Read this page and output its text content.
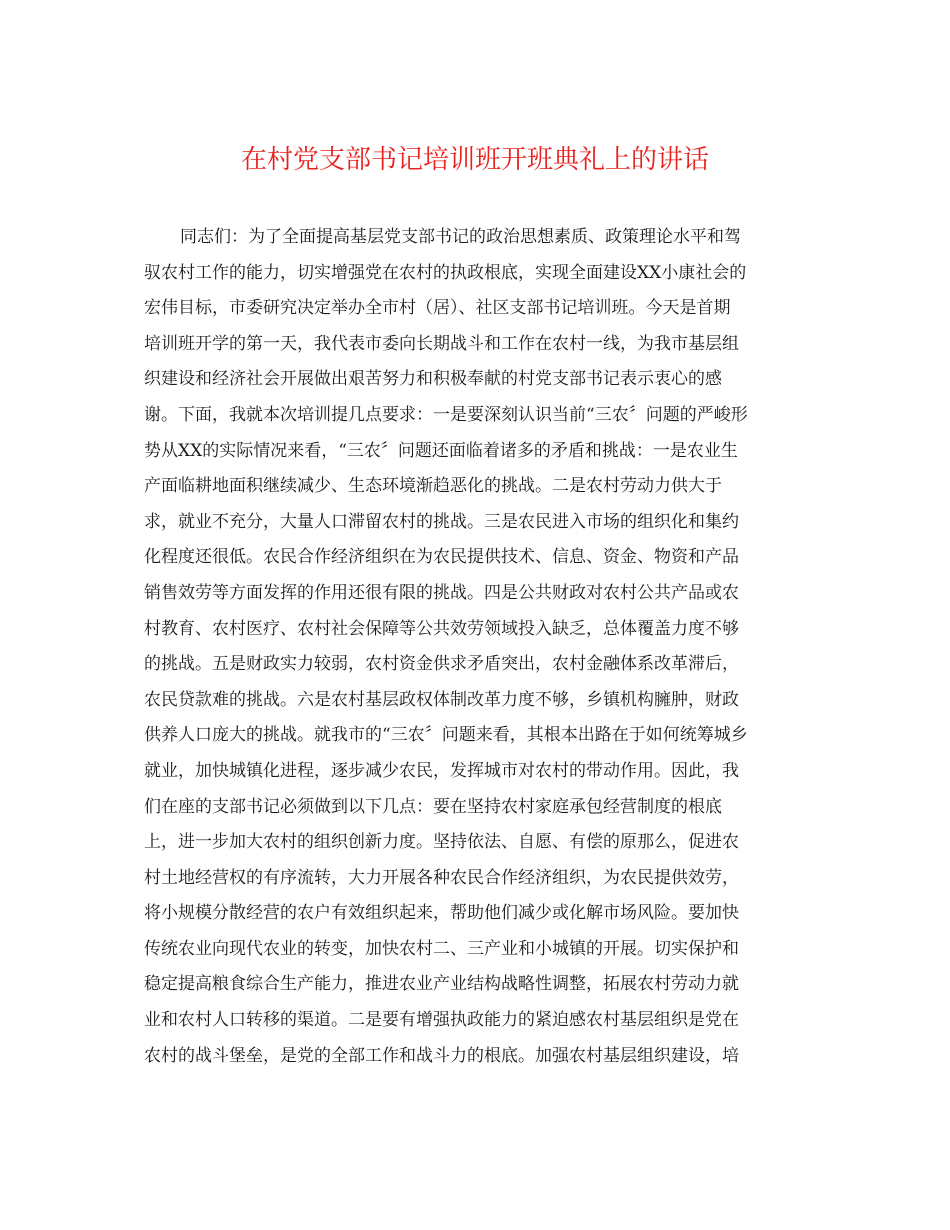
在村党支部书记培训班开班典礼上的讲话
同志们：为了全面提高基层党支部书记的政治思想素质、政策理论水平和驾
驭农村工作的能力，切实增强党在农村的执政根底，实现全面建设XX小康社会的
宏伟目标，市委研究决定举办全市村（居）、社区支部书记培训班。今天是首期
培训班开学的第一天，我代表市委向长期战斗和工作在农村一线，为我市基层组
织建设和经济社会开展做出艰苦努力和积极奉献的村党支部书记表示衷心的感
谢。下面，我就本次培训提几点要求：一是要深刻认识当前“三农〞问题的严峻形
势从XX的实际情况来看，“三农〞问题还面临着诸多的矛盾和挑战：一是农业生
产面临耕地面积继续减少、生态环境渐趋恶化的挑战。二是农村劳动力供大于
求，就业不充分，大量人口滞留农村的挑战。三是农民进入市场的组织化和集约
化程度还很低。农民合作经济组织在为农民提供技术、信息、资金、物资和产品
销售效劳等方面发挥的作用还很有限的挑战。四是公共财政对农村公共产品或农
村教育、农村医疗、农村社会保障等公共效劳领域投入缺乏，总体覆盖力度不够
的挑战。五是财政实力较弱，农村资金供求矛盾突出，农村金融体系改革滞后，
农民贷款难的挑战。六是农村基层政权体制改革力度不够，乡镇机构臃肿，财政
供养人口庞大的挑战。就我市的“三农〞问题来看，其根本出路在于如何统筹城乡
就业，加快城镇化进程，逐步减少农民，发挥城市对农村的带动作用。因此，我
们在座的支部书记必须做到以下几点：要在坚持农村家庭承包经营制度的根底
上，进一步加大农村的组织创新力度。坚持依法、自愿、有偿的原那么，促进农
村土地经营权的有序流转，大力开展各种农民合作经济组织，为农民提供效劳，
将小规模分散经营的农户有效组织起来，帮助他们减少或化解市场风险。要加快
传统农业向现代农业的转变，加快农村二、三产业和小城镇的开展。切实保护和
稳定提高粮食综合生产能力，推进农业产业结构战略性调整，拓展农村劳动力就
业和农村人口转移的渠道。二是要有增强执政能力的紧迫感农村基层组织是党在
农村的战斗堡垒，是党的全部工作和战斗力的根底。加强农村基层组织建设，培
